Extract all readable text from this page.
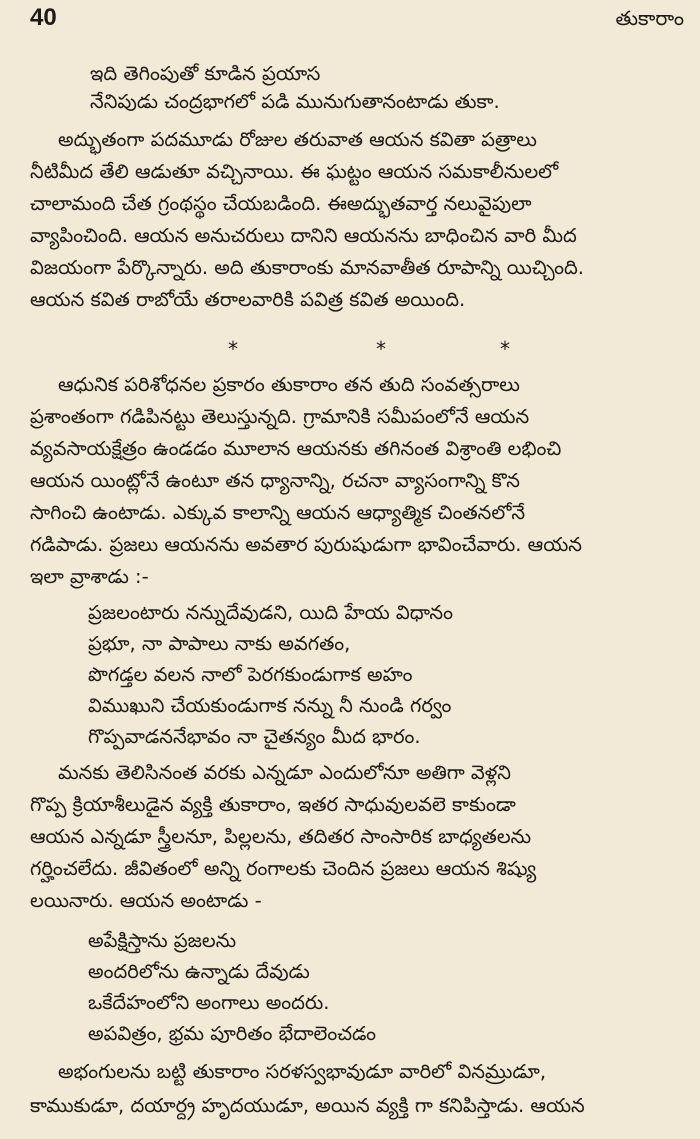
40	తుకారాం
ఇది తెగింపుతో కూడిన ప్రయాస
నేనిపుడు చంద్రభాగలో పడి మునుగుతానంటాడు తుకా.
అద్భుతంగా పదమూడు రోజుల తరువాత ఆయన కవితా పత్రాలు
నీటిమీద తేలి ఆడుతూ వచ్చినాయి. ఈ ఘట్టం ఆయన సమకాలీనులలో
చాలామంది చేత గ్రంథస్థం చేయబడింది. ఈఅద్భుతవార్త నలువైపులా
వ్యాపించింది. ఆయన అనుచరులు దానిని ఆయనను బాధించిన వారి మీద
విజయంగా పేర్కొన్నారు. అది తుకారాంకు మానవాతీత రూపాన్ని యిచ్చింది.
ఆయన కవిత రాబోయే తరాలవారికి పవిత్ర కవిత అయింది.
*	*	*
ఆధునిక పరిశోధనల ప్రకారం తుకారాం తన తుది సంవత్సరాలు
ప్రశాంతంగా గడిపినట్టు తెలుస్తున్నది. గ్రామానికి సమీపంలోనే ఆయన
వ్యవసాయక్షేత్రం ఉండడం మూలాన ఆయనకు తగినంత విశ్రాంతి లభించి
ఆయన యింట్లోనే ఉంటూ తన ధ్యానాన్ని, రచనా వ్యాసంగాన్ని కొన
సాగించి ఉంటాడు. ఎక్కువ కాలాన్ని ఆయన ఆధ్యాత్మిక చింతనలోనే
గడిపాడు. ప్రజలు ఆయనను అవతార పురుషుడుగా భావించేవారు. ఆయన
ఇలా వ్రాశాడు :-
ప్రజలంటారు నన్నుదేవుడని, యిది హేయ విధానం
ప్రభూ, నా పాపాలు నాకు అవగతం,
పొగడ్తల వలన నాలో పెరగకుండుగాక అహం
విముఖుని చేయకుండుగాక నన్ను నీ నుండి గర్వం
గొప్పవాడననేభావం నా చైతన్యం మీద భారం.
మనకు తెలిసినంత వరకు ఎన్నడూ ఎందులోనూ అతిగా వెళ్లని
గొప్ప క్రియాశీలుడైన వ్యక్తి తుకారాం, ఇతర సాధువులవలె కాకుండా
ఆయన ఎన్నడూ స్త్రీలనూ, పిల్లలను, తదితర సాంసారిక బాధ్యతలను
గర్హించలేదు. జీవితంలో అన్ని రంగాలకు చెందిన ప్రజలు ఆయన శిష్యు
లయినారు. ఆయన అంటాడు -
అపేక్షిస్తాను ప్రజలను
అందరిలోను ఉన్నాడు దేవుడు
ఒకేదేహంలోని అంగాలు అందరు.
అపవిత్రం, భ్రమ పూరితం భేదాలెంచడం
అభంగులను బట్టి తుకారాం సరళస్వభావుడూ వారిలో వినమ్రుడూ,
కాముకుడూ, దయార్ద్ర హృదయుడూ, అయిన వ్యక్తి గా కనిపిస్తాడు. ఆయన
